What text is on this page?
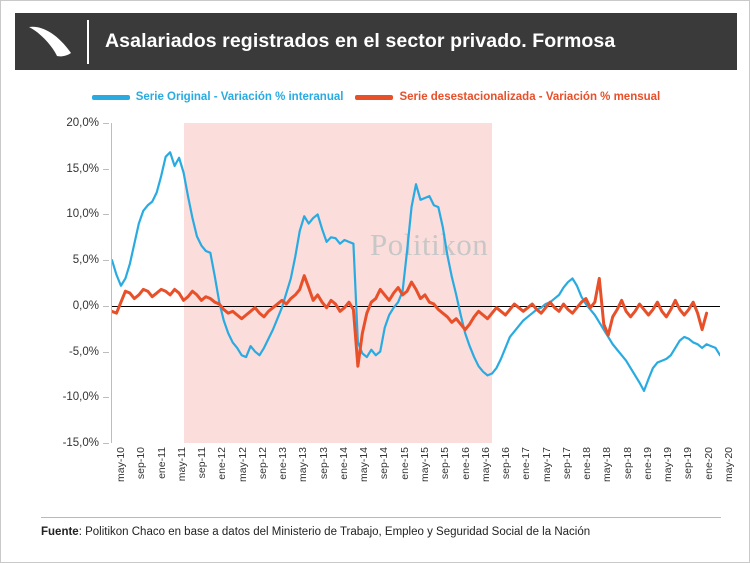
Asalariados registrados en el sector privado. Formosa
Serie Original - Variación % interanual	Serie desestacionalizada - Variación % mensual
20,0%
15,0%
10,0%
5,0%
0,0%
-5,0%
-10,0%
-15,0%
Politikon
may-10 sep-10 ene-11 may-11 sep-11 ene-12 may-12 sep-12 ene-13 may-13 sep-13 ene-14 may-14 sep-14 ene-15 may-15 sep-15 ene-16 may-16 sep-16 ene-17 may-17 sep-17 ene-18 may-18 sep-18 ene-19 may-19 sep-19 ene-20 may-20
Fuente: Politikon Chaco en base a datos del Ministerio de Trabajo, Empleo y Seguridad Social de la Nación
